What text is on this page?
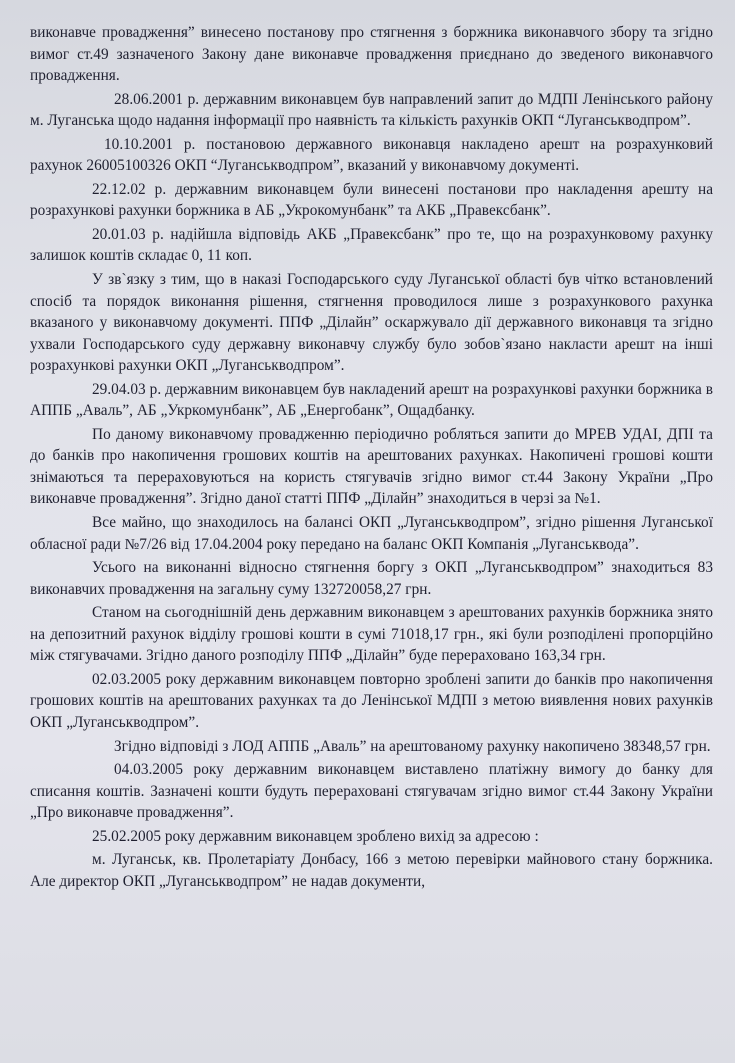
виконавче провадження” винесено постанову про стягнення з боржника виконавчого збору та згідно вимог ст.49 зазначеного Закону дане виконавче провадження приєднано до зведеного виконавчого провадження.

28.06.2001 р. державним виконавцем був направлений запит до МДПІ Ленінського району м. Луганська щодо надання інформації про наявність та кількість рахунків ОКП “Луганськводпром”.

10.10.2001 р. постановою державного виконавця накладено арешт на розрахунковий рахунок 26005100326 ОКП “Луганськводпром”, вказаний у виконавчому документі.

22.12.02 р. державним виконавцем були винесені постанови про накладення арешту на розрахункові рахунки боржника в АБ „Укрокомунбанк” та АКБ „Правексбанк”.

20.01.03 р. надійшла відповідь АКБ „Правексбанк” про те, що на розрахунковому рахунку залишок коштів складає 0, 11 коп.

У зв`язку з тим, що в наказі Господарського суду Луганської області був чітко встановлений спосіб та порядок виконання рішення, стягнення проводилося лише з розрахункового рахунка вказаного у виконавчому документі. ППФ „Ділайн” оскаржувало дії державного виконавця та згідно ухвали Господарського суду державну виконавчу службу було зобов`язано накласти арешт на інші розрахункові рахунки ОКП „Луганськводпром”.

29.04.03 р. державним виконавцем був накладений арешт на розрахункові рахунки боржника в АППБ „Аваль”, АБ „Укркомунбанк”, АБ „Енергобанк”, Ощадбанку.

По даному виконавчому провадженню періодично робляться запити до МРЕВ УДАІ, ДПІ та до банків про накопичення грошових коштів на арештованих рахунках. Накопичені грошові кошти знімаються та перераховуються на користь стягувачів згідно вимог ст.44 Закону України „Про виконавче провадження”. Згідно даної статті ППФ „Ділайн” знаходиться в черзі за №1.

Все майно, що знаходилось на балансі ОКП „Луганськводпром”, згідно рішення Луганської обласної ради №7/26 від 17.04.2004 року передано на баланс ОКП Компанія „Луганськвода”.

Усього на виконанні відносно стягнення боргу з ОКП „Луганськводпром” знаходиться 83 виконавчих провадження на загальну суму 132720058,27 грн.

Станом на сьогоднішній день державним виконавцем з арештованих рахунків боржника знято на депозитний рахунок відділу грошові кошти в сумі 71018,17 грн., які були розподілені пропорційно між стягувачами. Згідно даного розподілу ППФ „Ділайн” буде перераховано 163,34 грн.

02.03.2005 року державним виконавцем повторно зроблені запити до банків про накопичення грошових коштів на арештованих рахунках та до Ленінської МДПІ з метою виявлення нових рахунків ОКП „Луганськводпром”.

Згідно відповіді з ЛОД АППБ „Аваль” на арештованому рахунку накопичено 38348,57 грн.

04.03.2005 року державним виконавцем виставлено платіжну вимогу до банку для списання коштів. Зазначені кошти будуть перераховані стягувачам згідно вимог ст.44 Закону України „Про виконавче провадження”.

25.02.2005 року державним виконавцем зроблено вихід за адресою :

м. Луганськ, кв. Пролетаріату Донбасу, 166 з метою перевірки майнового стану боржника. Але директор ОКП „Луганськводпром” не надав документи,
